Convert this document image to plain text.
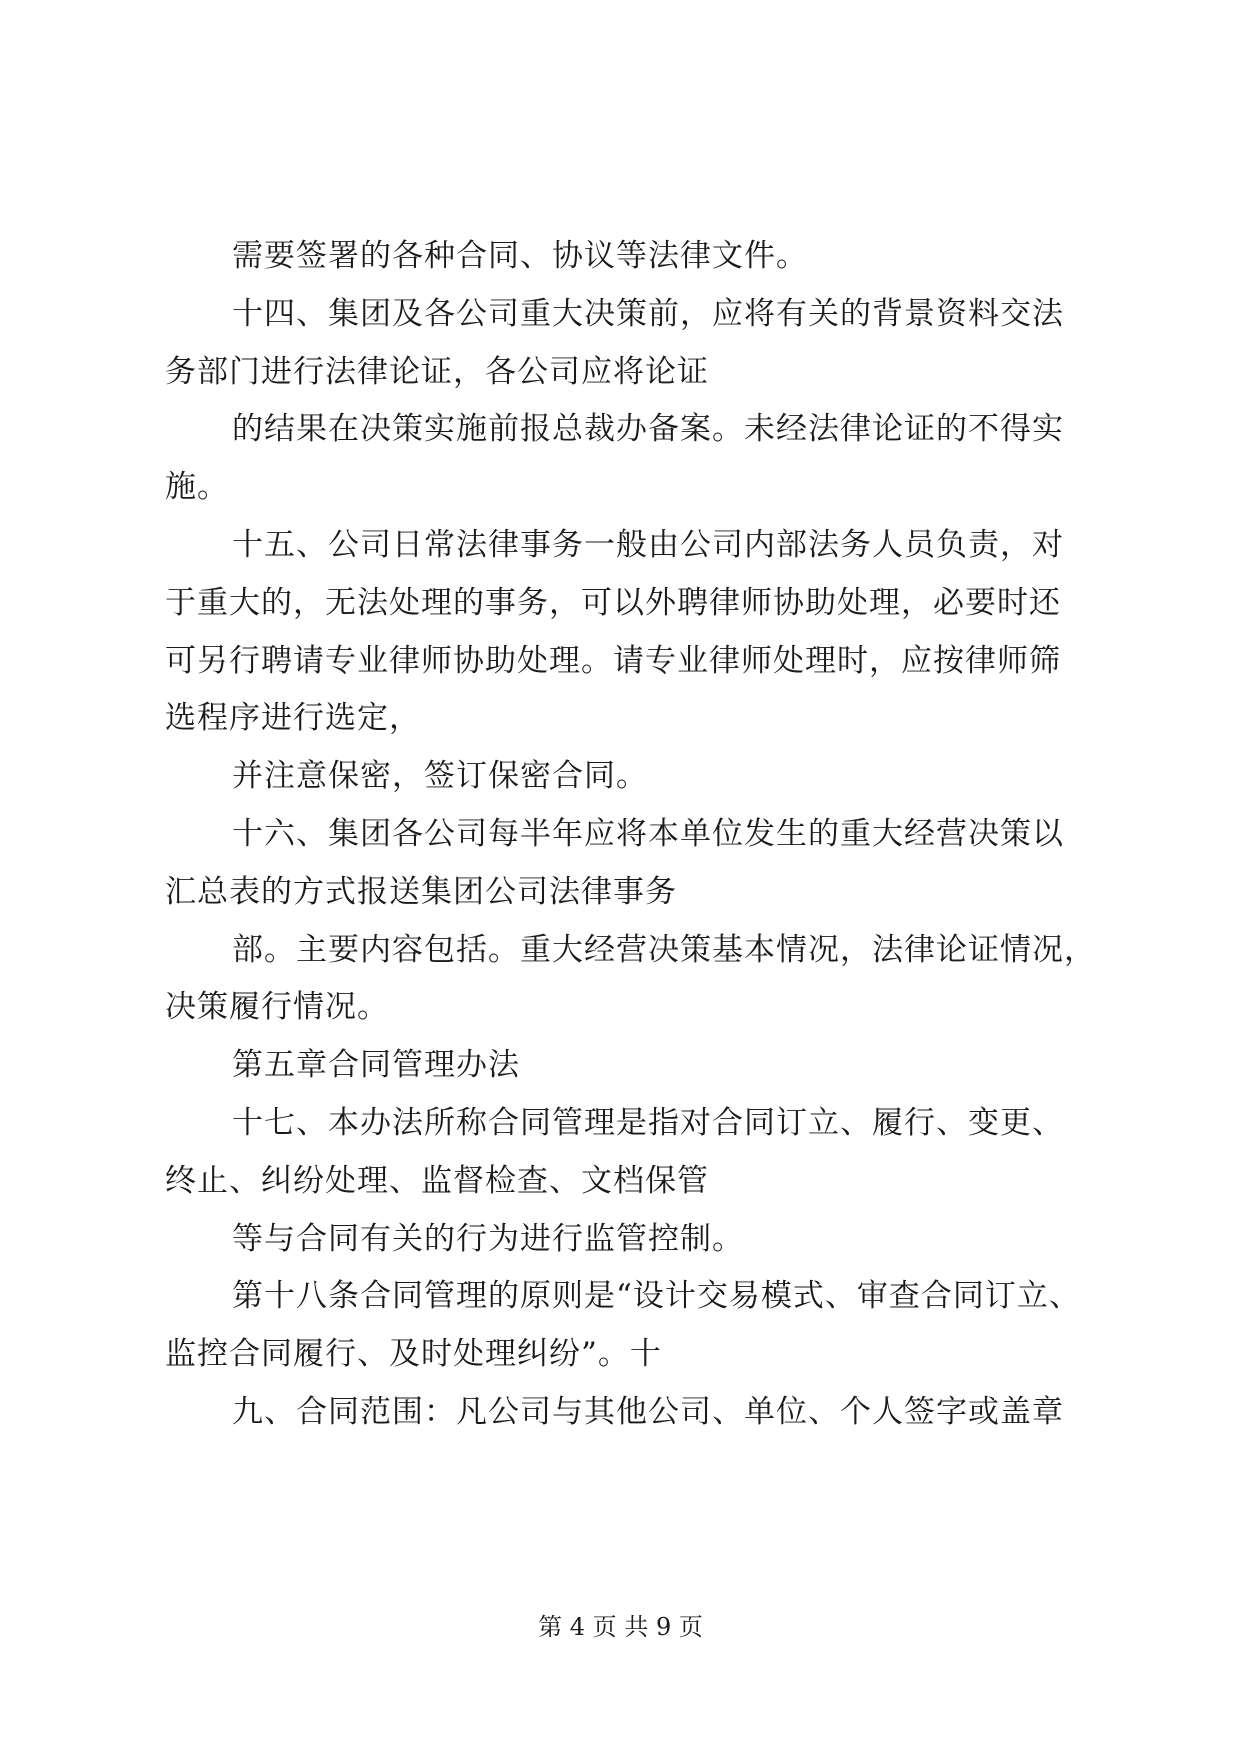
需要签署的各种合同、协议等法律文件。
十四、集团及各公司重大决策前，应将有关的背景资料交法
务部门进行法律论证，各公司应将论证
的结果在决策实施前报总裁办备案。未经法律论证的不得实
施。
十五、公司日常法律事务一般由公司内部法务人员负责，对
于重大的，无法处理的事务，可以外聘律师协助处理，必要时还
可另行聘请专业律师协助处理。请专业律师处理时，应按律师筛
选程序进行选定，
并注意保密，签订保密合同。
十六、集团各公司每半年应将本单位发生的重大经营决策以
汇总表的方式报送集团公司法律事务
部。主要内容包括。重大经营决策基本情况，法律论证情况，
决策履行情况。
第五章合同管理办法
十七、本办法所称合同管理是指对合同订立、履行、变更、
终止、纠纷处理、监督检查、文档保管
等与合同有关的行为进行监管控制。
第十八条合同管理的原则是“设计交易模式、审查合同订立、
监控合同履行、及时处理纠纷”。十
九、合同范围：凡公司与其他公司、单位、个人签字或盖章
第 4 页 共 9 页
